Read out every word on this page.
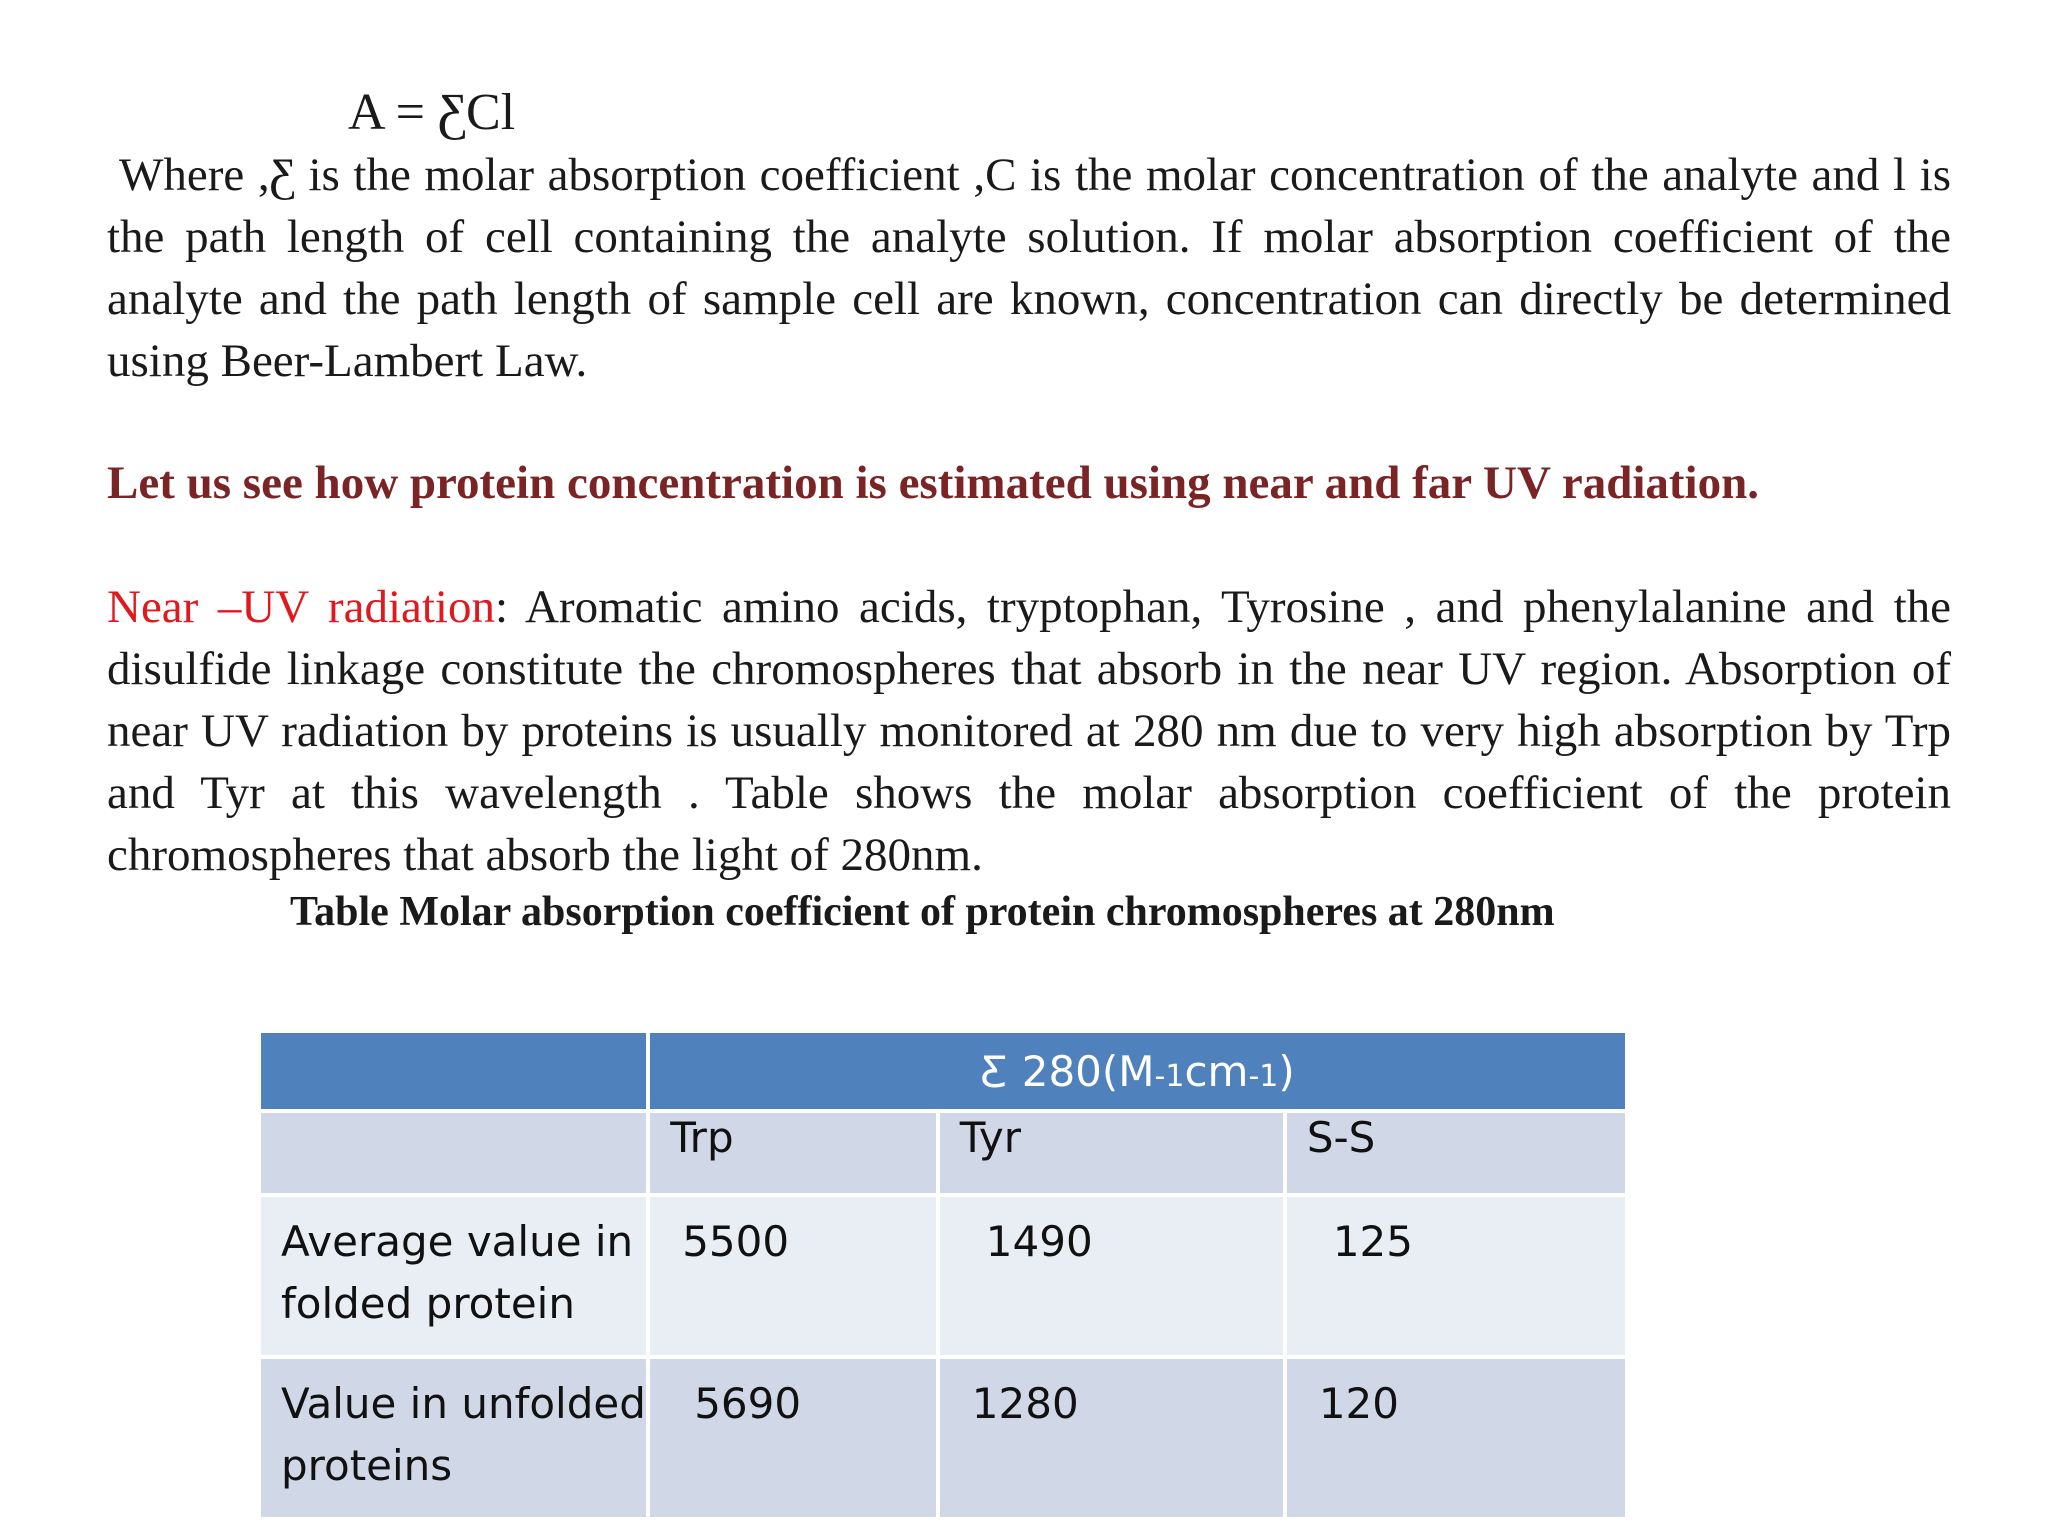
A = ƸCl
Where ,Ƹ is the molar absorption coefficient ,C is the molar concentration of the analyte and l is the path length of cell containing the analyte solution. If molar absorption coefficient of the analyte and the path length of sample cell are known, concentration can directly be determined using Beer-Lambert Law.
Let us see how protein concentration is estimated using near and far UV radiation.
Near –UV radiation: Aromatic amino acids, tryptophan, Tyrosine , and phenylalanine and the disulfide linkage constitute the chromospheres that absorb in the near UV region. Absorption of near UV radiation by proteins is usually monitored at 280 nm due to very high absorption by Trp and Tyr at this wavelength . Table shows the molar absorption coefficient of the protein chromospheres that absorb the light of 280nm.
Table Molar absorption coefficient of protein chromospheres at 280nm
	Ƹ 280(M-1cm-1)		
	Trp	Tyr	S-S
Average value in folded protein	5500	1490	125
Value in unfolded proteins	5690	1280	120
